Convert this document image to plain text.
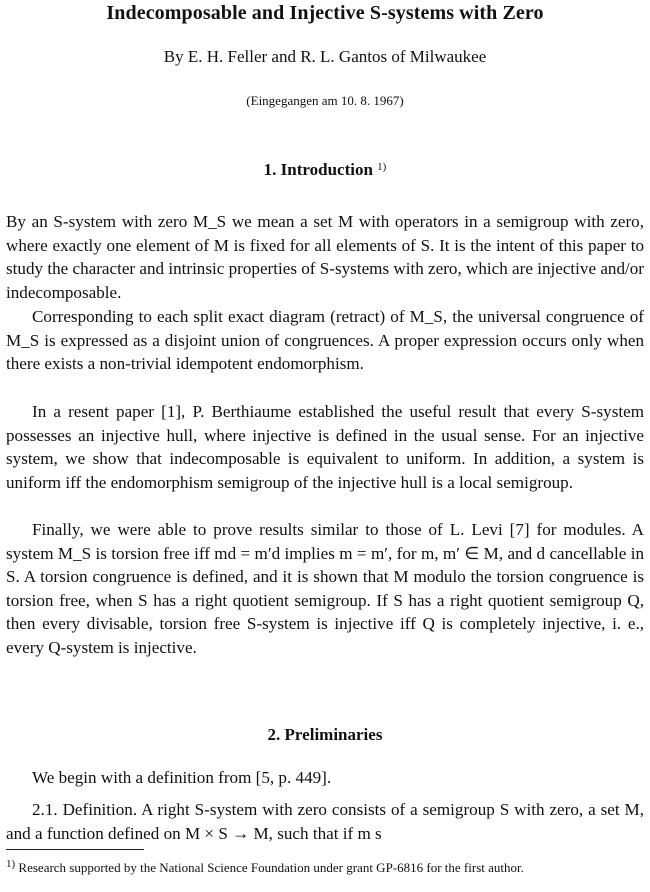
Indecomposable and Injective S-systems with Zero
By E. H. Feller and R. L. Gantos of Milwaukee
(Eingegangen am 10. 8. 1967)
1. Introduction $^{1)}$
By an S-system with zero M_S we mean a set M with operators in a semigroup with zero, where exactly one element of M is fixed for all elements of S. It is the intent of this paper to study the character and intrinsic properties of S-systems with zero, which are injective and/or indecomposable.
Corresponding to each split exact diagram (retract) of M_S, the universal congruence of M_S is expressed as a disjoint union of congruences. A proper expression occurs only when there exists a non-trivial idempotent endomorphism.
In a resent paper [1], P. Berthiaume established the useful result that every S-system possesses an injective hull, where injective is defined in the usual sense. For an injective system, we show that indecomposable is equivalent to uniform. In addition, a system is uniform iff the endomorphism semigroup of the injective hull is a local semigroup.
Finally, we were able to prove results similar to those of L. Levi [7] for modules. A system M_S is torsion free iff md = m′d implies m = m′, for m, m′ ∈ M, and d cancellable in S. A torsion congruence is defined, and it is shown that M modulo the torsion congruence is torsion free, when S has a right quotient semigroup. If S has a right quotient semigroup Q, then every divisable, torsion free S-system is injective iff Q is completely injective, i. e., every Q-system is injective.
2. Preliminaries
We begin with a definition from [5, p. 449].
2.1. Definition. A right S-system with zero consists of a semigroup S with zero, a set M, and a function defined on M × S → M, such that if m s
$^{1)}$ Research supported by the National Science Foundation under grant GP-6816 for the first author.
